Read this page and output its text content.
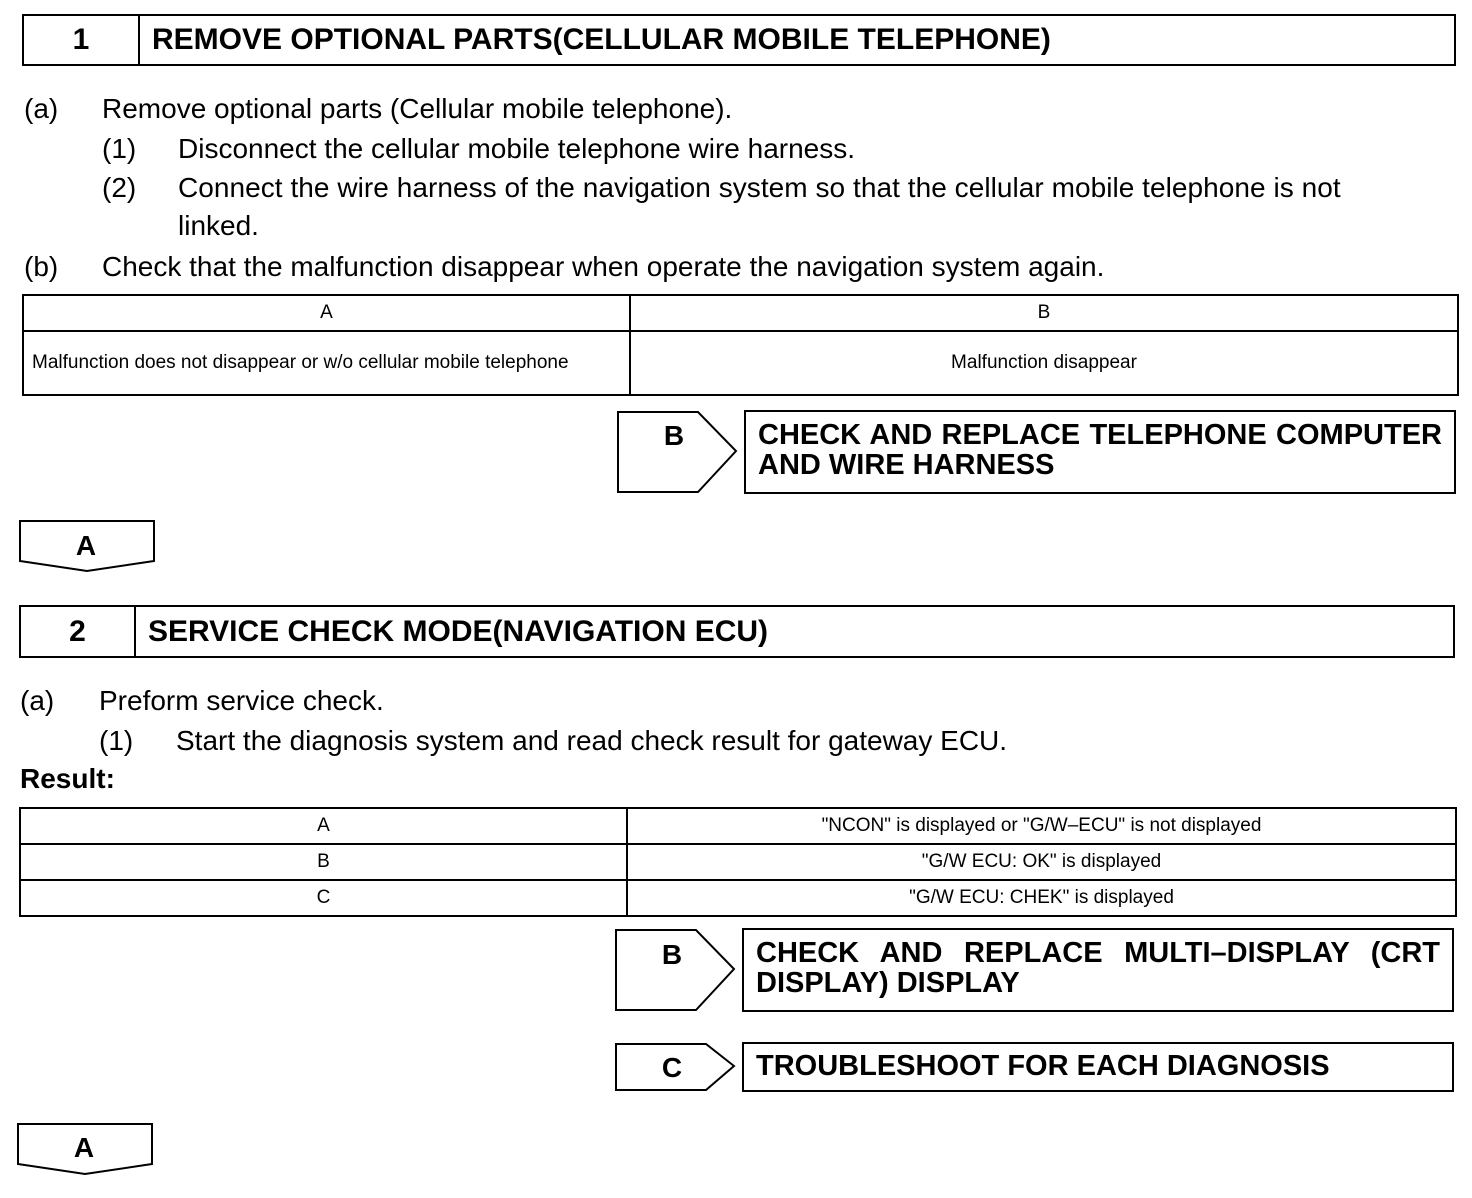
1	REMOVE OPTIONAL PARTS(CELLULAR MOBILE TELEPHONE)
(a) Remove optional parts (Cellular mobile telephone).
(1) Disconnect the cellular mobile telephone wire harness.
(2) Connect the wire harness of the navigation system so that the cellular mobile telephone is not
linked.
(b) Check that the malfunction disappear when operate the navigation system again.
A	B
Malfunction does not disappear or w/o cellular mobile telephone	Malfunction disappear
B	CHECK AND REPLACE TELEPHONE COMPUTER AND WIRE HARNESS
A
2	SERVICE CHECK MODE(NAVIGATION ECU)
(a) Preform service check.
(1) Start the diagnosis system and read check result for gateway ECU.
Result:
A	"NCON" is displayed or "G/W–ECU" is not displayed
B	"G/W ECU: OK" is displayed
C	"G/W ECU: CHEK" is displayed
B	CHECK AND REPLACE MULTI–DISPLAY (CRT DISPLAY) DISPLAY
C	TROUBLESHOOT FOR EACH DIAGNOSIS
A
